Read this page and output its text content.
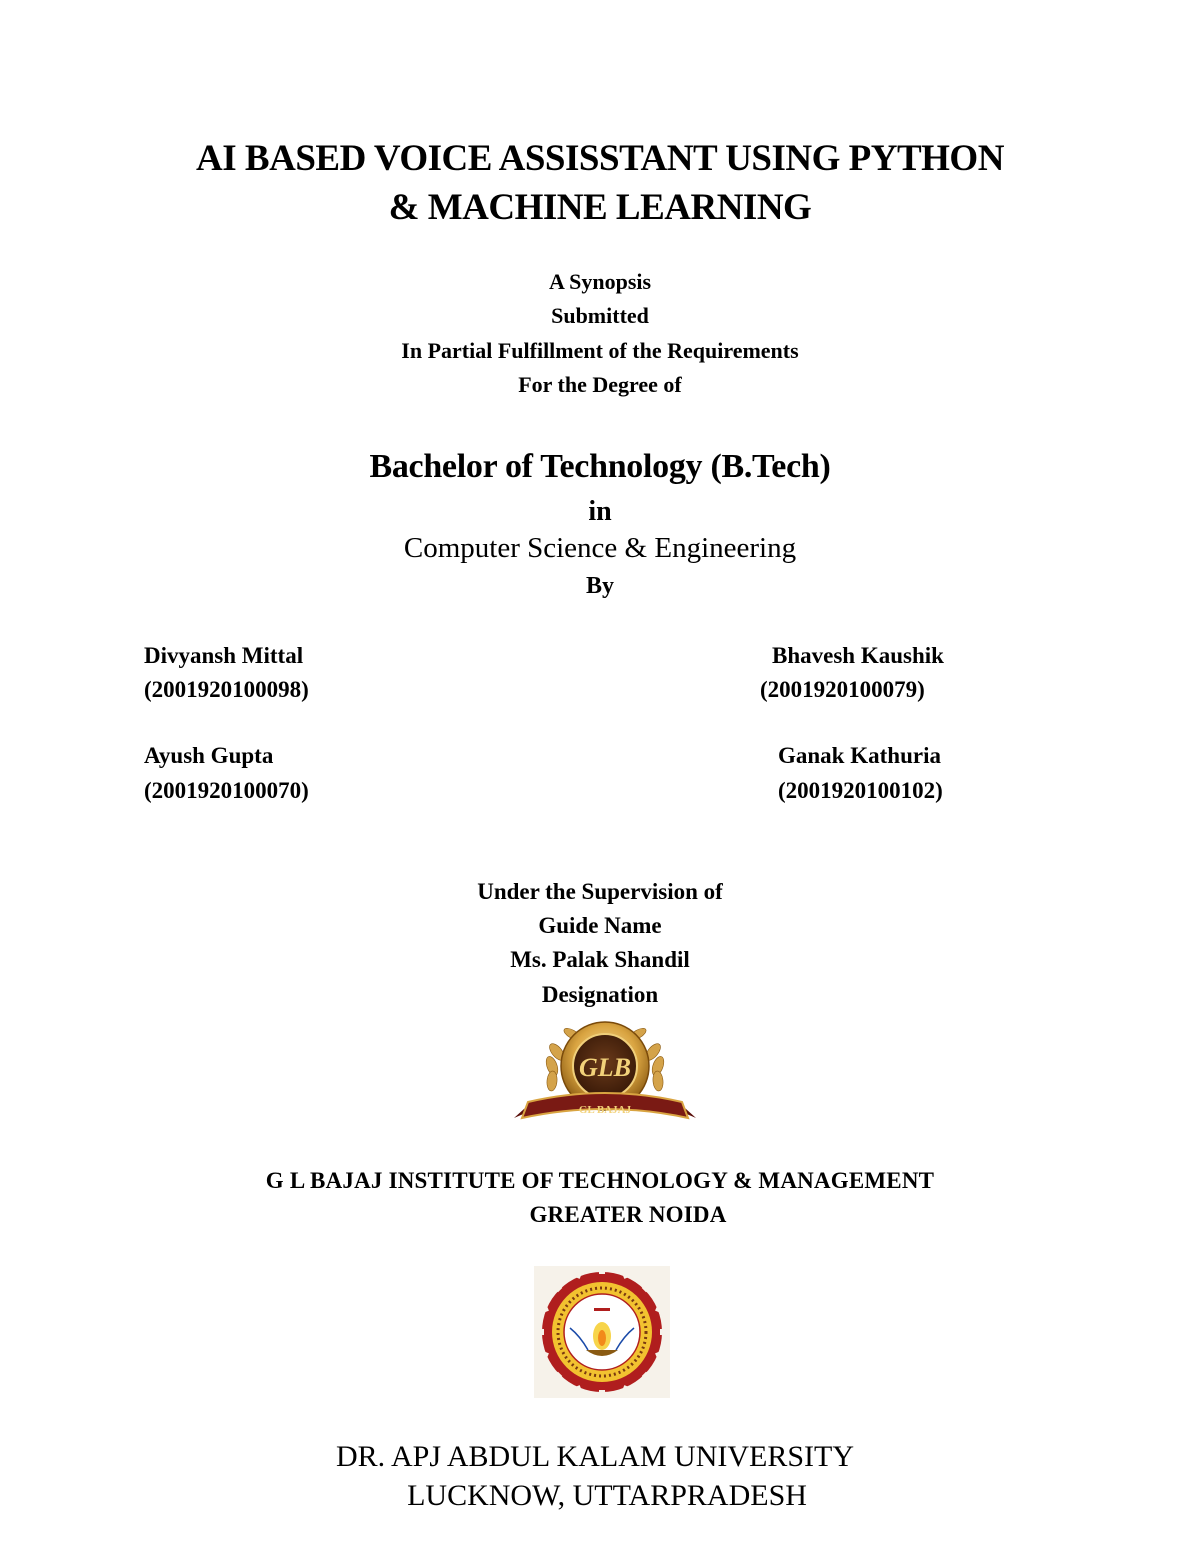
AI BASED VOICE ASSISSTANT USING PYTHON
& MACHINE LEARNING
A Synopsis
Submitted
In Partial Fulfillment of the Requirements
For the Degree of
Bachelor of Technology (B.Tech)
in
Computer Science & Engineering
By
Divyansh Mittal
(2001920100098)
Bhavesh Kaushik
(2001920100079)
Ayush Gupta
(2001920100070)
Ganak Kathuria
(2001920100102)
Under the Supervision of
Guide Name
Ms. Palak Shandil
Designation
GLB
GL BAJAJ
G L BAJAJ INSTITUTE OF TECHNOLOGY & MANAGEMENT
GREATER NOIDA
DR. APJ ABDUL KALAM UNIVERSITY
LUCKNOW, UTTARPRADESH
